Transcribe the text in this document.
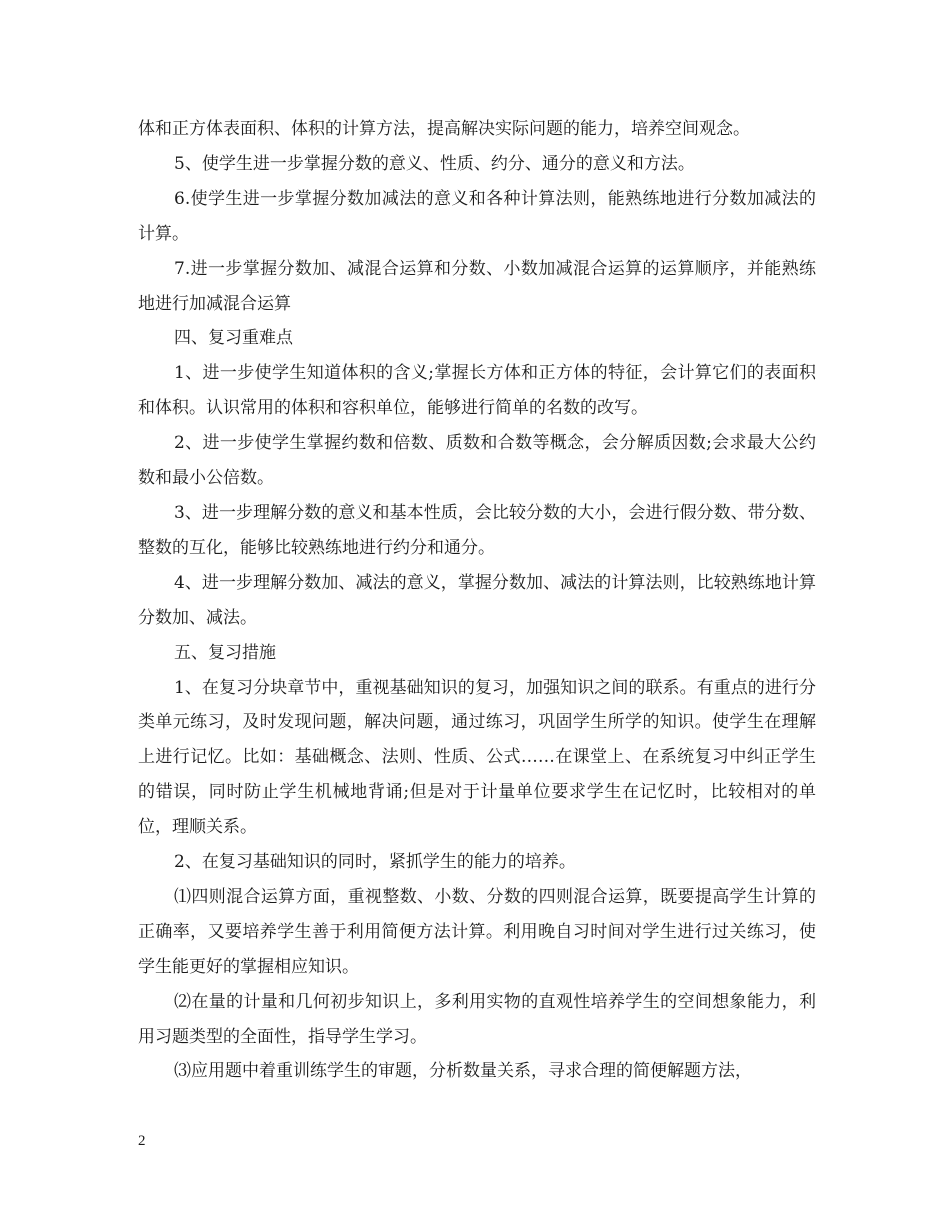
体和正方体表面积、体积的计算方法，提高解决实际问题的能力，培养空间观念。

5、使学生进一步掌握分数的意义、性质、约分、通分的意义和方法。

6.使学生进一步掌握分数加减法的意义和各种计算法则，能熟练地进行分数加减法的计算。

7.进一步掌握分数加、减混合运算和分数、小数加减混合运算的运算顺序，并能熟练地进行加减混合运算

四、复习重难点

1、进一步使学生知道体积的含义;掌握长方体和正方体的特征，会计算它们的表面积和体积。认识常用的体积和容积单位，能够进行简单的名数的改写。

2、进一步使学生掌握约数和倍数、质数和合数等概念，会分解质因数;会求最大公约数和最小公倍数。

3、进一步理解分数的意义和基本性质，会比较分数的大小，会进行假分数、带分数、整数的互化，能够比较熟练地进行约分和通分。

4、进一步理解分数加、减法的意义，掌握分数加、减法的计算法则，比较熟练地计算分数加、减法。

五、复习措施

1、在复习分块章节中，重视基础知识的复习，加强知识之间的联系。有重点的进行分类单元练习，及时发现问题，解决问题，通过练习，巩固学生所学的知识。使学生在理解上进行记忆。比如：基础概念、法则、性质、公式……在课堂上、在系统复习中纠正学生的错误，同时防止学生机械地背诵;但是对于计量单位要求学生在记忆时，比较相对的单位，理顺关系。

2、在复习基础知识的同时，紧抓学生的能力的培养。

⑴四则混合运算方面，重视整数、小数、分数的四则混合运算，既要提高学生计算的正确率，又要培养学生善于利用简便方法计算。利用晚自习时间对学生进行过关练习，使学生能更好的掌握相应知识。

⑵在量的计量和几何初步知识上，多利用实物的直观性培养学生的空间想象能力，利用习题类型的全面性，指导学生学习。

⑶应用题中着重训练学生的审题，分析数量关系，寻求合理的简便解题方法，

2
